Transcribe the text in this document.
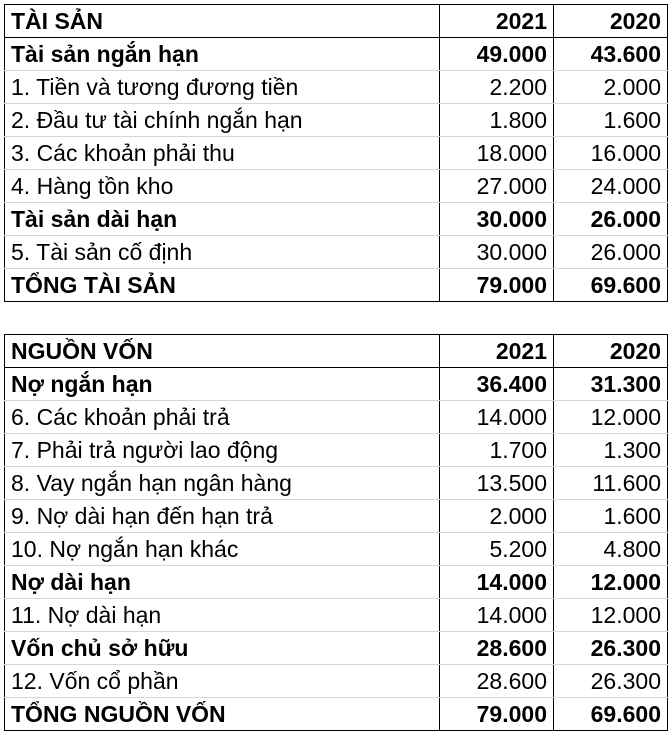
TÀI SẢN	2021	2020
Tài sản ngắn hạn	49.000	43.600
1. Tiền và tương đương tiền	2.200	2.000
2. Đầu tư tài chính ngắn hạn	1.800	1.600
3. Các khoản phải thu	18.000	16.000
4. Hàng tồn kho	27.000	24.000
Tài sản dài hạn	30.000	26.000
5. Tài sản cố định	30.000	26.000
TỔNG TÀI SẢN	79.000	69.600

NGUỒN VỐN	2021	2020
Nợ ngắn hạn	36.400	31.300
6. Các khoản phải trả	14.000	12.000
7. Phải trả người lao động	1.700	1.300
8. Vay ngắn hạn ngân hàng	13.500	11.600
9. Nợ dài hạn đến hạn trả	2.000	1.600
10. Nợ ngắn hạn khác	5.200	4.800
Nợ dài hạn	14.000	12.000
11. Nợ dài hạn	14.000	12.000
Vốn chủ sở hữu	28.600	26.300
12. Vốn cổ phần	28.600	26.300
TỔNG NGUỒN VỐN	79.000	69.600
